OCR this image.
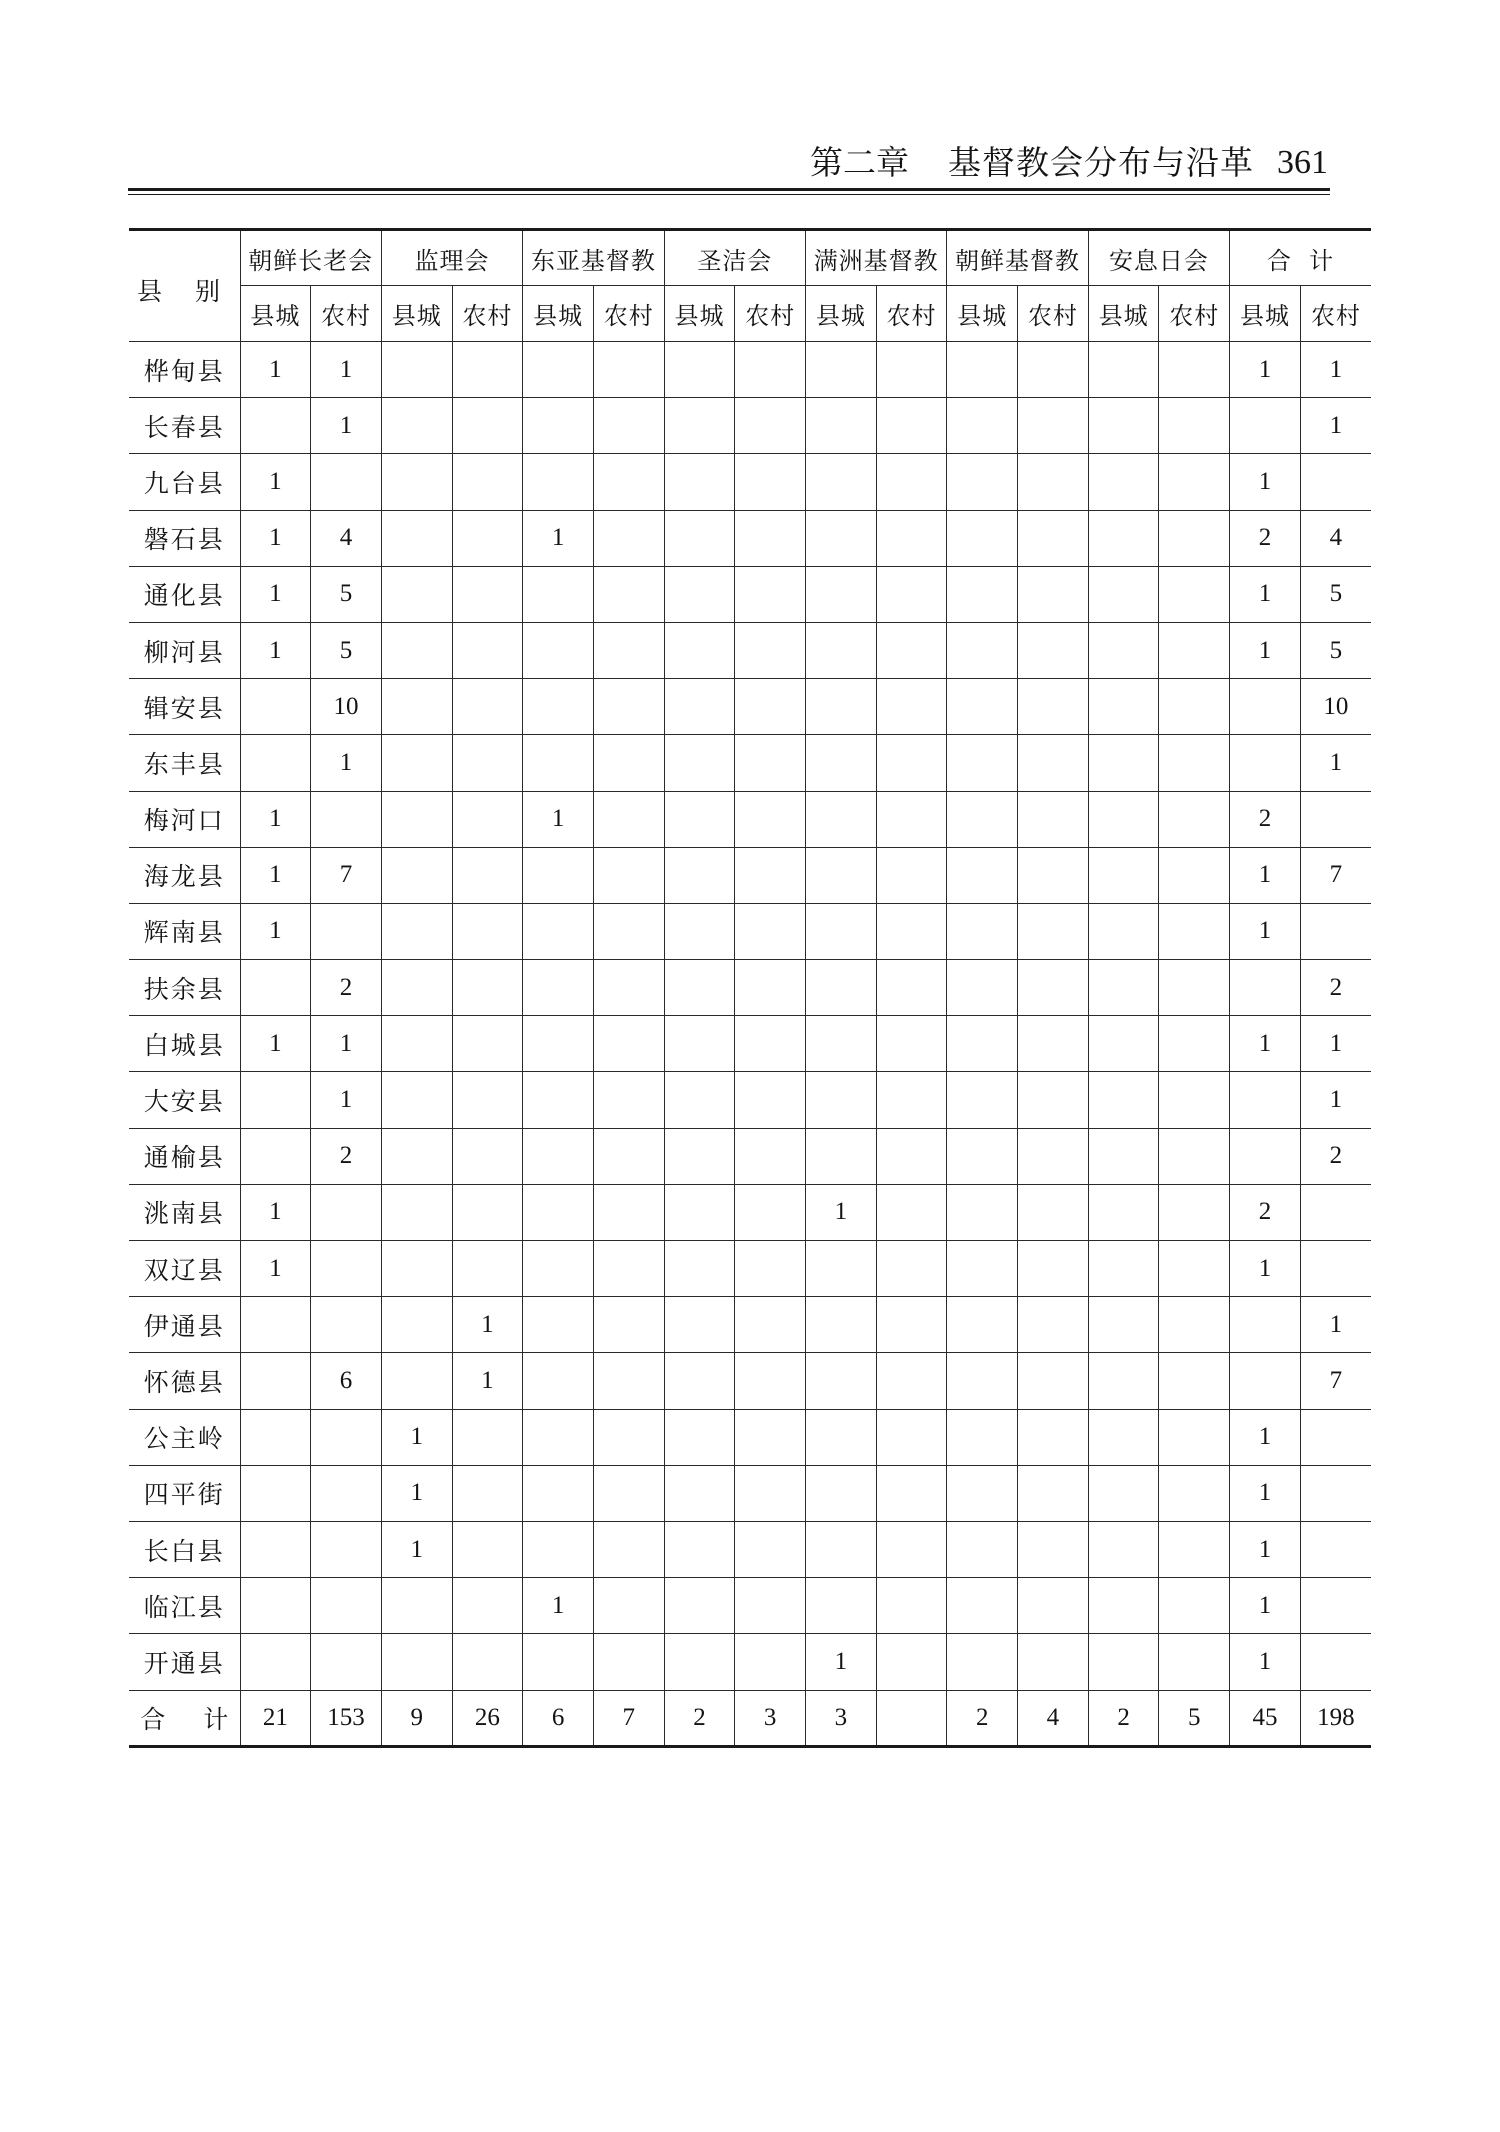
第二章 基督教会分布与沿革 361
县 别	朝鲜长老会		监理会		东亚基督教		圣洁会		满洲基督教		朝鲜基督教		安息日会		合  计	
	县城	农村	县城	农村	县城	农村	县城	农村	县城	农村	县城	农村	县城	农村	县城	农村
桦甸县	1	1													1	1
长春县		1														1
九台县	1														1	
磐石县	1	4			1										2	4
通化县	1	5													1	5
柳河县	1	5													1	5
辑安县		10														10
东丰县		1														1
梅河口	1				1										2	
海龙县	1	7													1	7
辉南县	1														1	
扶余县		2														2
白城县	1	1													1	1
大安县		1														1
通榆县		2														2
洮南县	1								1						2	
双辽县	1														1	
伊通县				1												1
怀德县		6		1												7
公主岭			1												1	
四平街			1												1	
长白县			1												1	
临江县					1										1	
开通县									1						1	
合 计	21	153	9	26	6	7	2	3	3		2	4	2	5	45	198
